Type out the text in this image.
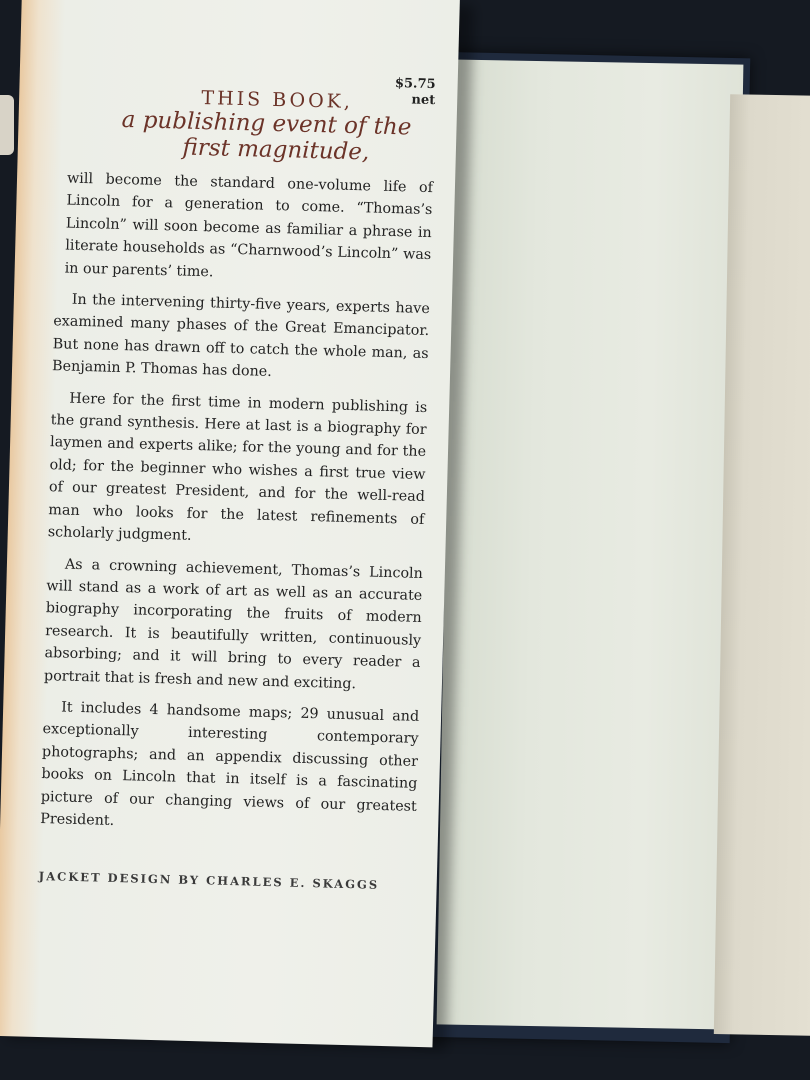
$5.75
net
THIS BOOK,
a publishing event of the
first magnitude,

will become the standard one-volume life of Lincoln for a generation to come. “Thomas’s Lincoln” will soon become as familiar a phrase in literate households as “Charnwood’s Lincoln” was in our parents’ time.

In the intervening thirty-five years, experts have examined many phases of the Great Emancipator. But none has drawn off to catch the whole man, as Benjamin P. Thomas has done.

Here for the first time in modern publishing is the grand synthesis. Here at last is a biography for laymen and experts alike; for the young and for the old; for the beginner who wishes a first true view of our greatest President, and for the well-read man who looks for the latest refinements of scholarly judgment.

As a crowning achievement, Thomas’s Lincoln will stand as a work of art as well as an accurate biography incorporating the fruits of modern research. It is beautifully written, continuously absorbing; and it will bring to every reader a portrait that is fresh and new and exciting.

It includes 4 handsome maps; 29 unusual and exceptionally interesting contemporary photographs; and an appendix discussing other books on Lincoln that in itself is a fascinating picture of our changing views of our greatest President.

JACKET DESIGN BY CHARLES E. SKAGGS
